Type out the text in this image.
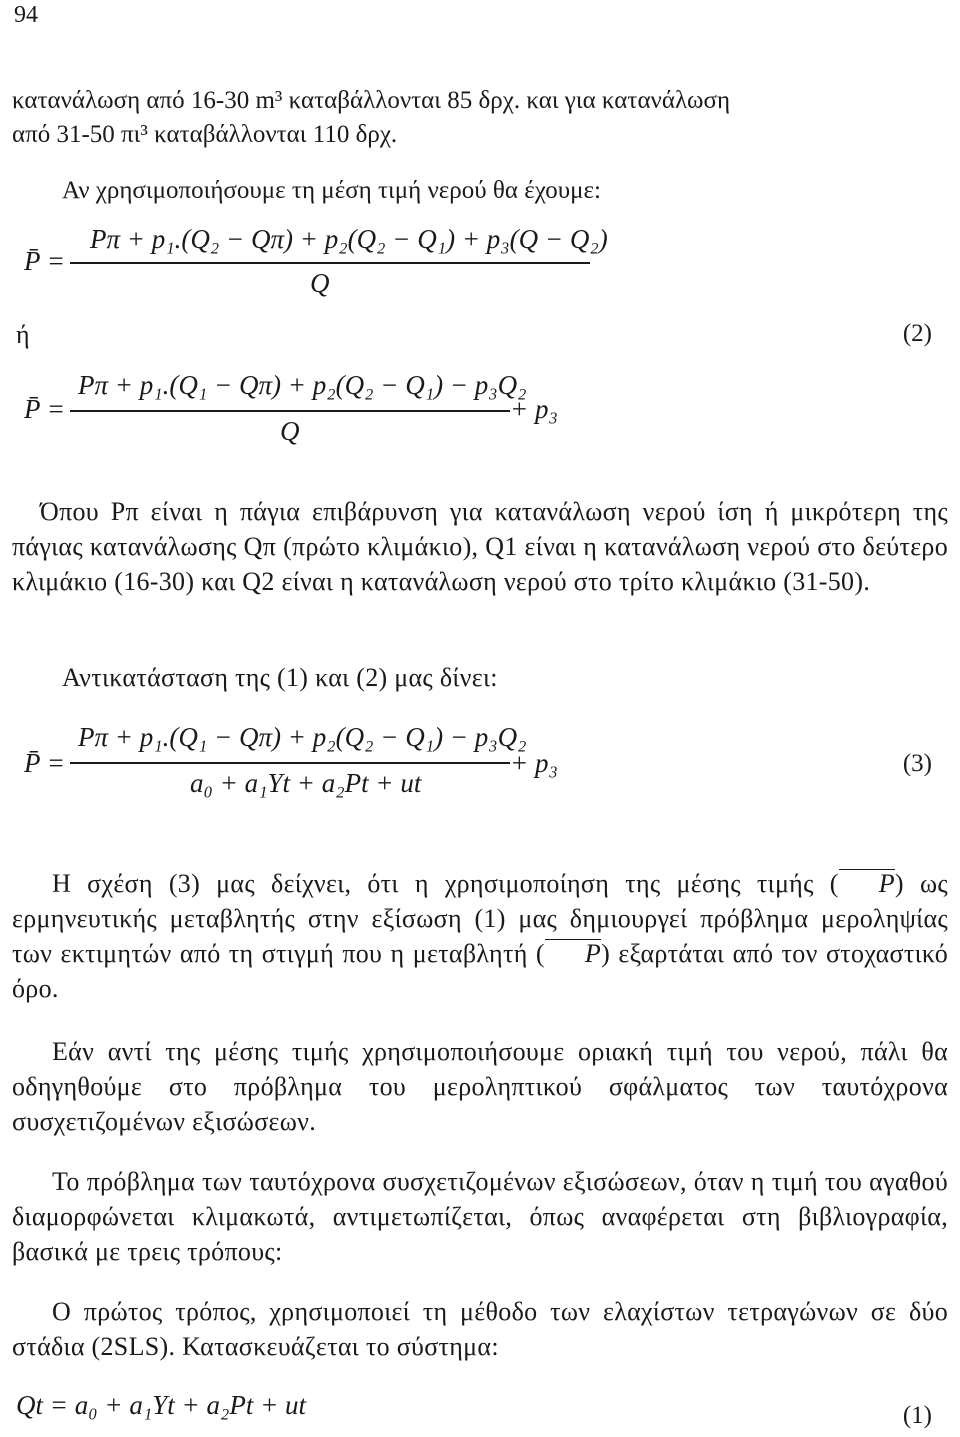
94
κατανάλωση από 16-30 m³ καταβάλλονται 85 δρχ. και για κατανάλωση
από 31-50 πι³ καταβάλλονται 110 δρχ.
Αν χρησιμοποιήσουμε τη μέση τιμή νερού θα έχουμε:
P̄ =
Pπ + p₁.(Q₂ − Qπ) + p₂(Q₂ − Q₁) + p₃(Q − Q₂)
Q
ή	(2)
P̄ =
Pπ + p₁.(Q₁ − Qπ) + p₂(Q₂ − Q₁) − p₃Q₂
Q
+ p₃
Όπου Pπ είναι η πάγια επιβάρυνση για κατανάλωση νερού ίση ή μικρότερη της πάγιας κατανάλωσης Qπ (πρώτο κλιμάκιο), Q1 είναι η κατανάλωση νερού στο δεύτερο κλιμάκιο (16-30) και Q2 είναι η κατανάλωση νερού στο τρίτο κλιμάκιο (31-50).
Αντικατάσταση της (1) και (2) μας δίνει:
P̄ =
Pπ + p₁.(Q₁ − Qπ) + p₂(Q₂ − Q₁) − p₃Q₂
a₀ + a₁Yt + a₂Pt + ut
+ p₃	(3)
Η σχέση (3) μας δείχνει, ότι η χρησιμοποίηση της μέσης τιμής ( P) ως ερμηνευτικής μεταβλητής στην εξίσωση (1) μας δημιουργεί πρόβλημα μεροληψίας των εκτιμητών από τη στιγμή που η μεταβλητή ( P) εξαρτάται από τον στοχαστικό όρο.
Εάν αντί της μέσης τιμής χρησιμοποιήσουμε οριακή τιμή του νερού, πάλι θα οδηγηθούμε στο πρόβλημα του μεροληπτικού σφάλματος των ταυτόχρονα συσχετιζομένων εξισώσεων.
Το πρόβλημα των ταυτόχρονα συσχετιζομένων εξισώσεων, όταν η τιμή του αγαθού διαμορφώνεται κλιμακωτά, αντιμετωπίζεται, όπως αναφέρεται στη βιβλιογραφία, βασικά με τρεις τρόπους:
Ο πρώτος τρόπος, χρησιμοποιεί τη μέθοδο των ελαχίστων τετραγώνων σε δύο στάδια (2SLS). Κατασκευάζεται το σύστημα:
Qt = a₀ + a₁Yt + a₂Pt + ut	(1)
